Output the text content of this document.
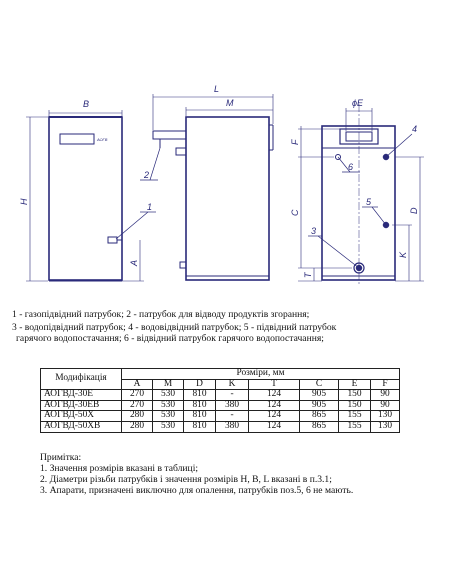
B
L
M	ϕE
H
A
F
C
T
K
D
1
2
3
4
5
6
АОГВ

1 - газопідвідний патрубок; 2 - патрубок для відводу продуктів згорання;

3 - водопідвідний патрубок; 4 - водовідвідний патрубок; 5 - підвідний патрубок

гарячого водопостачання; 6 - відвідний патрубок гарячого водопостачання;

Модифікація	Розміри, мм							
	A	M	D	K	T	C	E	F
АОГВД-30Е	270	530	810	-	124	905	150	90
АОГВД-30ЕВ	270	530	810	380	124	905	150	90
АОГВД-50Х	280	530	810	-	124	865	155	130
АОГВД-50ХВ	280	530	810	380	124	865	155	130

Примітка:

1. Значення розмірів вказані в таблиці;

2. Діаметри різьби патрубків і значення розмірів H, B, L вказані в п.3.1;

3. Апарати, призначені виключно для опалення, патрубків поз.5, 6 не мають.
